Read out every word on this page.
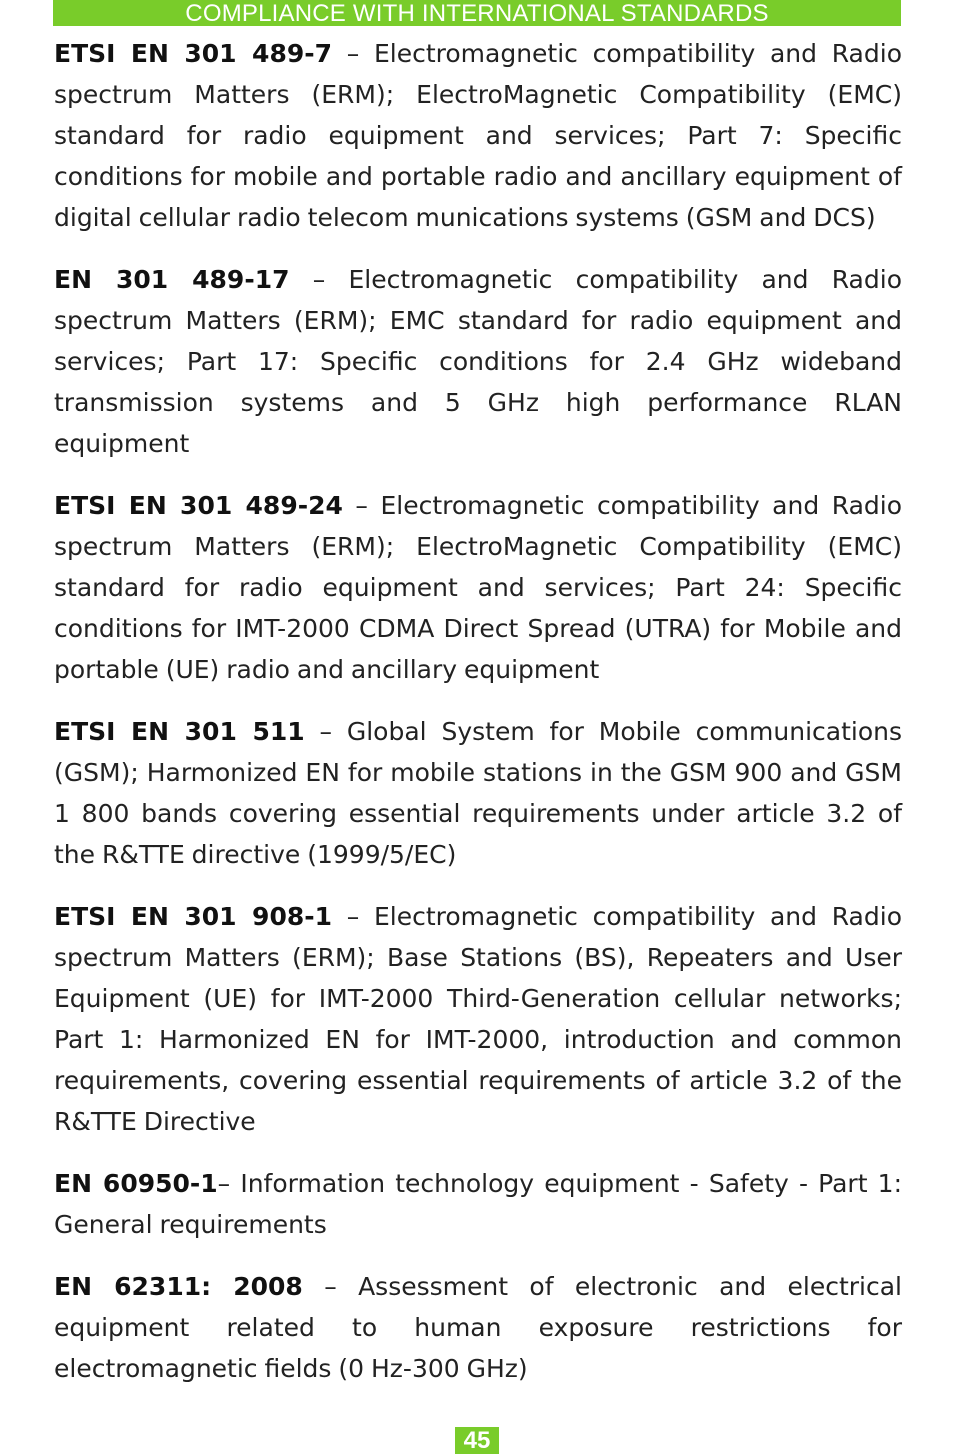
COMPLIANCE WITH INTERNATIONAL STANDARDS

ETSI EN 301 489-7 – Electromagnetic compatibility and Radio spectrum Matters (ERM); ElectroMagnetic Compatibility (EMC) standard for radio equipment and services; Part 7: Specific conditions for mobile and portable radio and ancillary equipment of digital cellular radio telecom munications systems (GSM and DCS)

EN 301 489-17 – Electromagnetic compatibility and Radio spectrum Matters (ERM); EMC standard for radio equipment and services; Part 17: Specific conditions for 2.4 GHz wideband transmission systems and 5 GHz high performance RLAN equipment

ETSI EN 301 489-24 – Electromagnetic compatibility and Radio spectrum Matters (ERM); ElectroMagnetic Compatibility (EMC) standard for radio equipment and services; Part 24: Specific conditions for IMT-2000 CDMA Direct Spread (UTRA) for Mobile and portable (UE) radio and ancillary equipment

ETSI EN 301 511 – Global System for Mobile communications (GSM); Harmonized EN for mobile stations in the GSM 900 and GSM 1 800 bands covering essential requirements under article 3.2 of the R&TTE directive (1999/5/EC)

ETSI EN 301 908-1 – Electromagnetic compatibility and Radio spectrum Matters (ERM); Base Stations (BS), Repeaters and User Equipment (UE) for IMT-2000 Third-Generation cellular networks; Part 1: Harmonized EN for IMT-2000, introduction and common requirements, covering essential requirements of article 3.2 of the R&TTE Directive

EN 60950-1– Information technology equipment - Safety - Part 1: General requirements

EN 62311: 2008 – Assessment of electronic and electrical equipment related to human exposure restrictions for electromagnetic fields (0 Hz-300 GHz)

45
